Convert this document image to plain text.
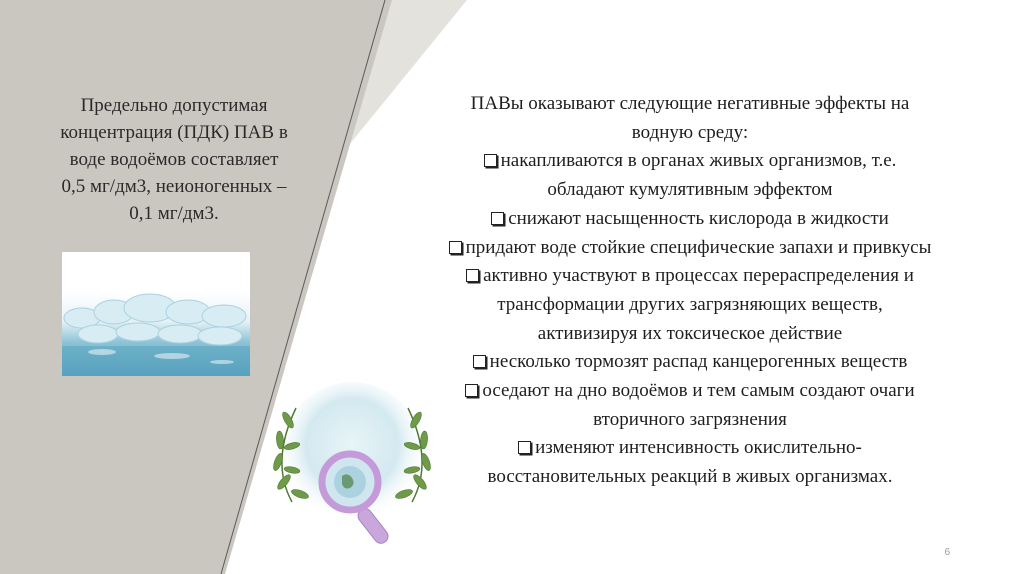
Предельно допустимая
концентрация (ПДК) ПАВ в
воде водоёмов составляет
0,5 мг/дм3, неионогенных –
0,1 мг/дм3.
ПАВы оказывают следующие негативные эффекты на
водную среду:
накапливаются в органах живых организмов, т.е.
обладают кумулятивным эффектом
снижают насыщенность кислорода в жидкости
придают воде стойкие специфические запахи и привкусы
активно участвуют в процессах перераспределения и
трансформации других загрязняющих веществ,
активизируя их токсическое действие
несколько тормозят распад канцерогенных веществ
оседают на дно водоёмов и тем самым создают очаги
вторичного загрязнения
изменяют интенсивность окислительно-
восстановительных реакций в живых организмах.
6
